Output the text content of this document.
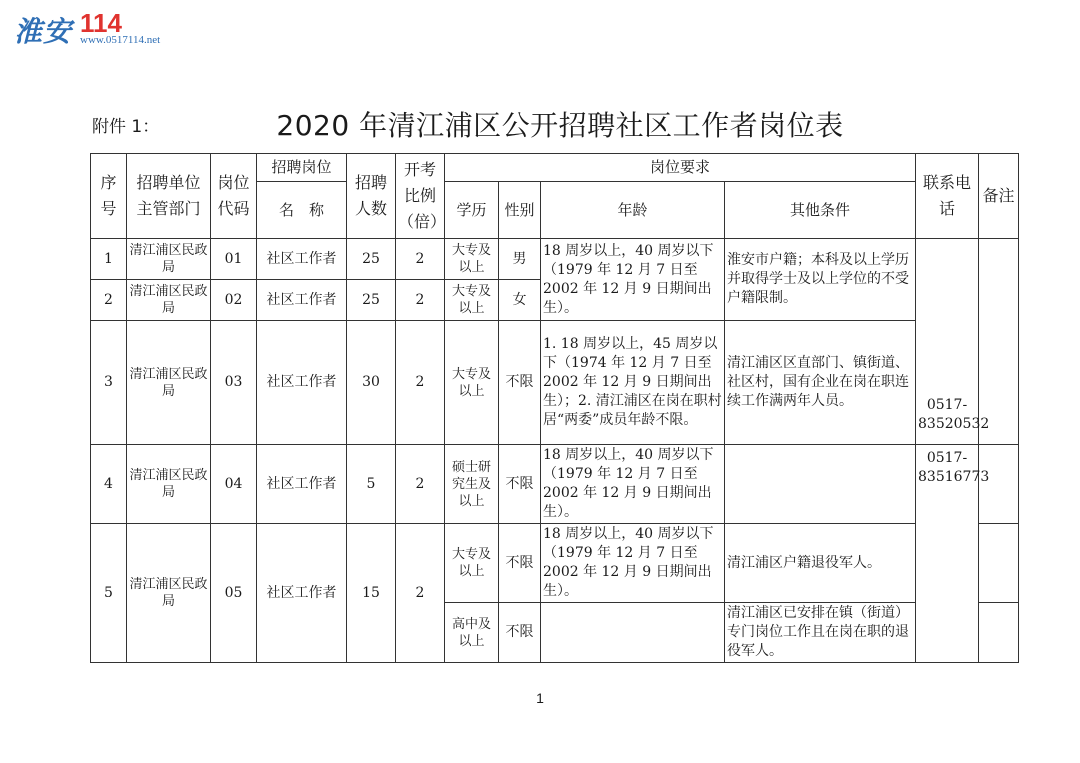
淮安 114
www.0517114.net
附件 1：	2020 年清江浦区公开招聘社区工作者岗位表
序号	招聘单位主管部门	岗位代码	招聘岗位	招聘人数	开考比例（倍）	岗位要求				联系电话	备注
			名　称			学历	性别	年龄	其他条件		
1	清江浦区民政局	01	社区工作者	25	2	大专及以上	男	18 周岁以上，40 周岁以下（1979 年 12 月 7 日至 2002 年 12 月 9 日期间出生）。	淮安市户籍；本科及以上学历并取得学士及以上学位的不受户籍限制。	0517-83520532	
2	清江浦区民政局	02	社区工作者	25	2	大专及以上	女				
3	清江浦区民政局	03	社区工作者	30	2	大专及以上	不限	1. 18 周岁以上，45 周岁以下（1974 年 12 月 7 日至 2002 年 12 月 9 日期间出生）；2. 清江浦区在岗在职村居“两委”成员年龄不限。	清江浦区区直部门、镇街道、社区村，国有企业在岗在职连续工作满两年人员。		
4	清江浦区民政局	04	社区工作者	5	2	硕士研究生及以上	不限	18 周岁以上，40 周岁以下（1979 年 12 月 7 日至 2002 年 12 月 9 日期间出生）。		0517-83516773	
5	清江浦区民政局	05	社区工作者	15	2	大专及以上	不限	18 周岁以上，40 周岁以下（1979 年 12 月 7 日至 2002 年 12 月 9 日期间出生）。	清江浦区户籍退役军人。		
						高中及以上	不限		清江浦区已安排在镇（街道）专门岗位工作且在岗在职的退役军人。		
1
